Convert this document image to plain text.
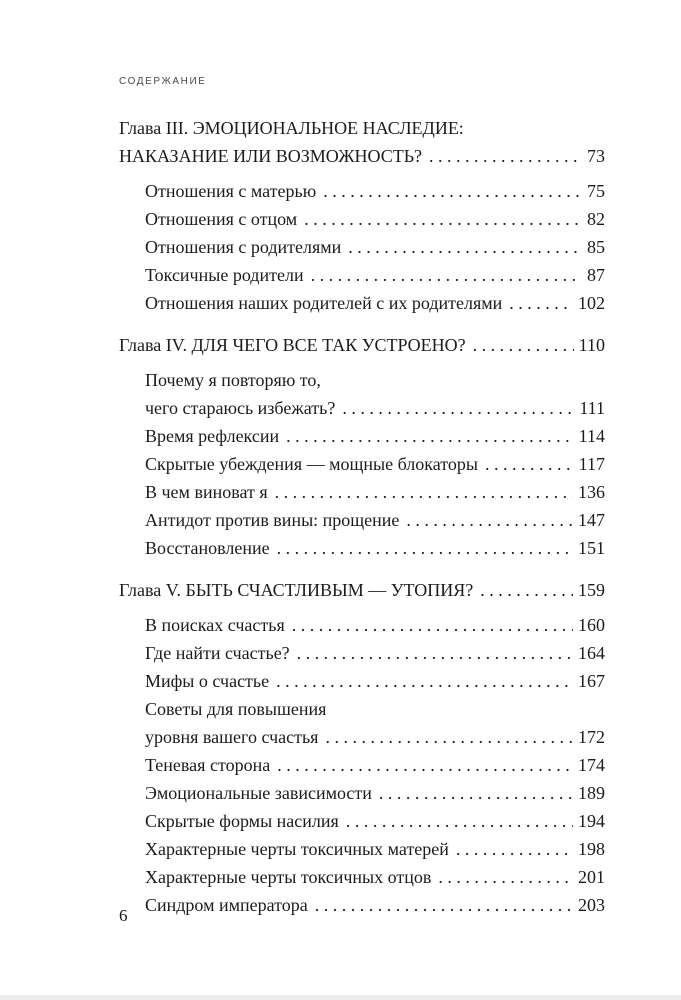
СОДЕРЖАНИЕ
Глава III. ЭМОЦИОНАЛЬНОЕ НАСЛЕДИЕ:
НАКАЗАНИЕ ИЛИ ВОЗМОЖНОСТЬ? . . .	73
Отношения с матерью . . .	75
Отношения с отцом . . .	82
Отношения с родителями . . .	85
Токсичные родители . . .	87
Отношения наших родителей с их родителями . . .	102
Глава IV. ДЛЯ ЧЕГО ВСЕ ТАК УСТРОЕНО? . . .	110
Почему я повторяю то,
чего стараюсь избежать? . . .	111
Время рефлексии . . .	114
Скрытые убеждения — мощные блокаторы . . .	117
В чем виноват я . . .	136
Антидот против вины: прощение . . .	147
Восстановление . . .	151
Глава V. БЫТЬ СЧАСТЛИВЫМ — УТОПИЯ? . . .	159
В поисках счастья . . .	160
Где найти счастье? . . .	164
Мифы о счастье . . .	167
Советы для повышения
уровня вашего счастья . . .	172
Теневая сторона . . .	174
Эмоциональные зависимости . . .	189
Скрытые формы насилия . . .	194
Характерные черты токсичных матерей . . .	198
Характерные черты токсичных отцов . . .	201
Синдром императора . . .	203
6
